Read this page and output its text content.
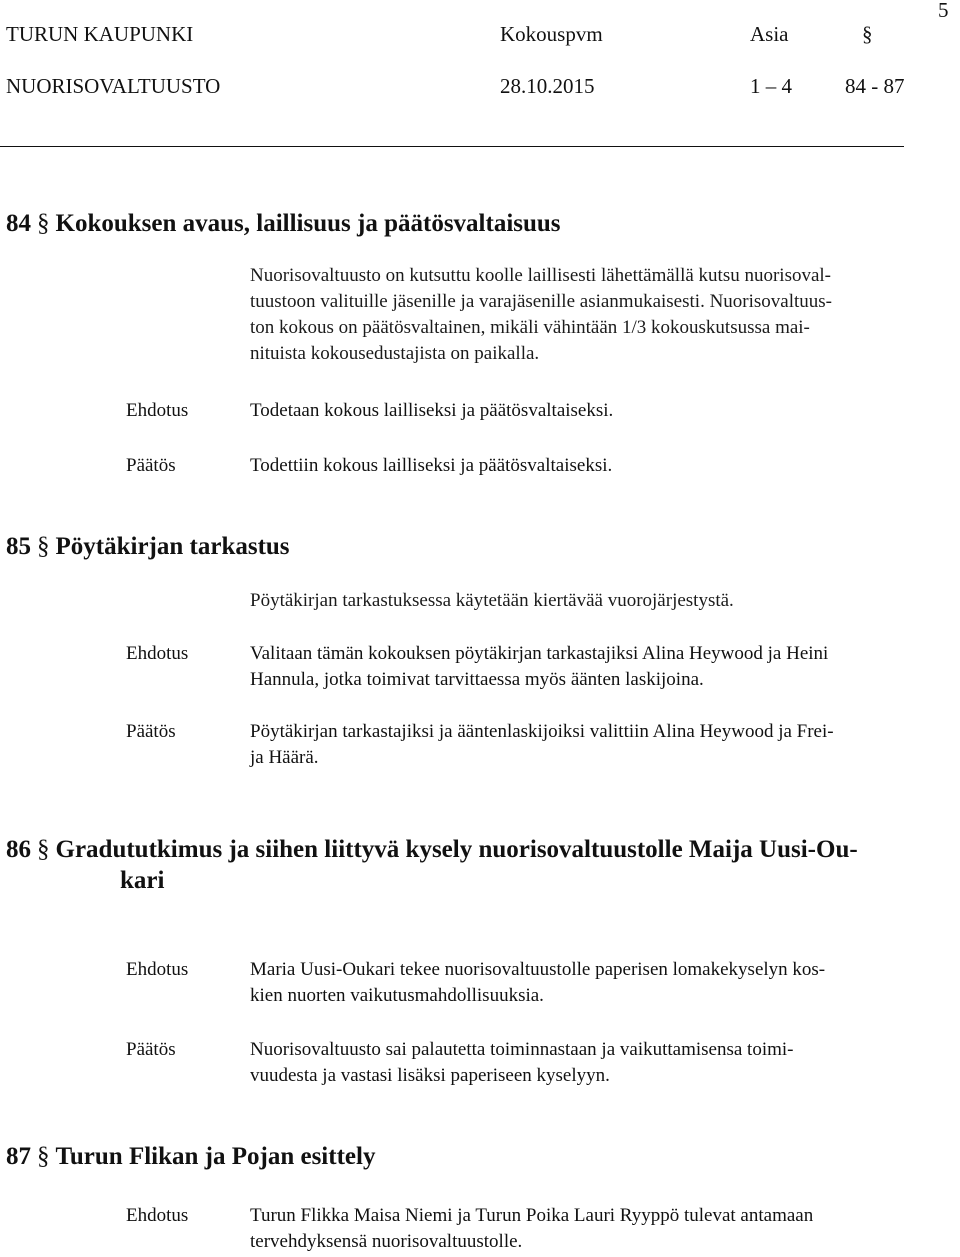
5
TURUN KAUPUNKI	Kokouspvm	Asia	§
NUORISOVALTUUSTO	28.10.2015	1 – 4	84 - 87
84 § Kokouksen avaus, laillisuus ja päätösvaltaisuus
Nuorisovaltuusto on kutsuttu koolle laillisesti lähettämällä kutsu nuorisoval-
tuustoon valituille jäsenille ja varajäsenille asianmukaisesti. Nuorisovaltuus-
ton kokous on päätösvaltainen, mikäli vähintään 1/3 kokouskutsussa mai-
nituista kokousedustajista on paikalla.
Ehdotus	Todetaan kokous lailliseksi ja päätösvaltaiseksi.
Päätös	Todettiin kokous lailliseksi ja päätösvaltaiseksi.
85 § Pöytäkirjan tarkastus
Pöytäkirjan tarkastuksessa käytetään kiertävää vuorojärjestystä.
Ehdotus	Valitaan tämän kokouksen pöytäkirjan tarkastajiksi Alina Heywood ja Heini
Hannula, jotka toimivat tarvittaessa myös äänten laskijoina.
Päätös	Pöytäkirjan tarkastajiksi ja ääntenlaskijoiksi valittiin Alina Heywood ja Frei-
ja Häärä.
86 § Gradututkimus ja siihen liittyvä kysely nuorisovaltuustolle Maija Uusi-Ou-
kari
Ehdotus	Maria Uusi-Oukari tekee nuorisovaltuustolle paperisen lomakekyselyn kos-
kien nuorten vaikutusmahdollisuuksia.
Päätös	Nuorisovaltuusto sai palautetta toiminnastaan ja vaikuttamisensa toimi-
vuudesta ja vastasi lisäksi paperiseen kyselyyn.
87 § Turun Flikan ja Pojan esittely
Ehdotus	Turun Flikka Maisa Niemi ja Turun Poika Lauri Ryyppö tulevat antamaan
tervehdyksensä nuorisovaltuustolle.
